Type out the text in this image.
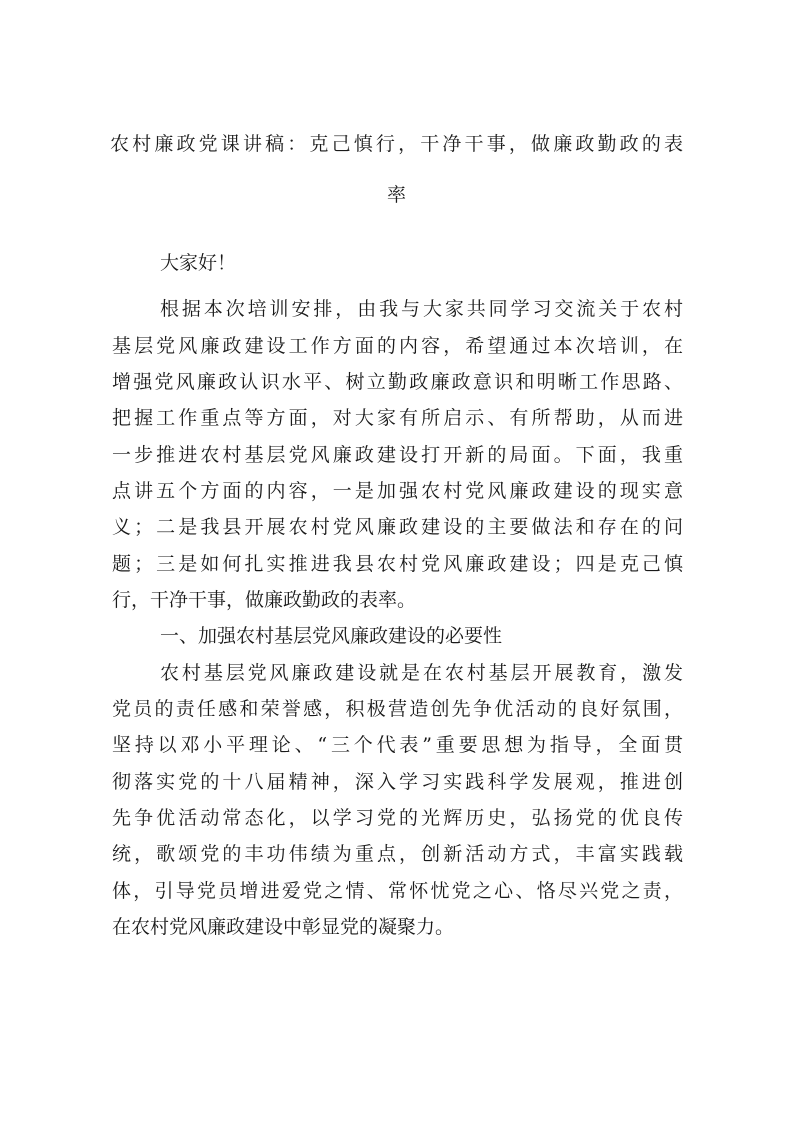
农村廉政党课讲稿：克己慎行，干净干事，做廉政勤政的表
率
大家好！
根据本次培训安排，由我与大家共同学习交流关于农村
基层党风廉政建设工作方面的内容，希望通过本次培训，在
增强党风廉政认识水平、树立勤政廉政意识和明晰工作思路、
把握工作重点等方面，对大家有所启示、有所帮助，从而进
一步推进农村基层党风廉政建设打开新的局面。下面，我重
点讲五个方面的内容，一是加强农村党风廉政建设的现实意
义；二是我县开展农村党风廉政建设的主要做法和存在的问
题；三是如何扎实推进我县农村党风廉政建设；四是克己慎
行，干净干事，做廉政勤政的表率。
一、加强农村基层党风廉政建设的必要性
农村基层党风廉政建设就是在农村基层开展教育，激发
党员的责任感和荣誉感，积极营造创先争优活动的良好氛围，
坚持以邓小平理论、“三个代表”重要思想为指导，全面贯
彻落实党的十八届精神，深入学习实践科学发展观，推进创
先争优活动常态化，以学习党的光辉历史，弘扬党的优良传
统，歌颂党的丰功伟绩为重点，创新活动方式，丰富实践载
体，引导党员增进爱党之情、常怀忧党之心、恪尽兴党之责，
在农村党风廉政建设中彰显党的凝聚力。
